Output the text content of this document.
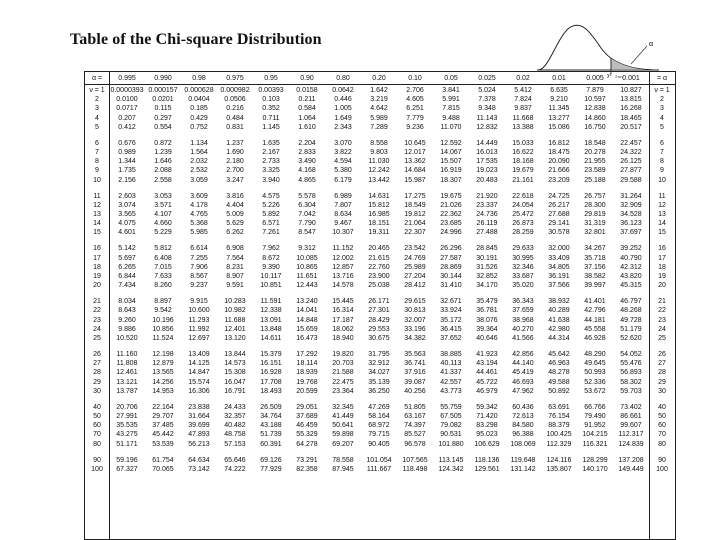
Table of the Chi-square Distribution	α
χ² 1-α,ν
α =	0.995	0.990	0.98	0.975	0.95	0.90	0.80	0.20	0.10	0.05	0.025	0.02	0.01	0.005	0.001	= α
ν = 1 0.0000393 0.000157 0.000628 0.000982	0.00393	0.0158	0.0642	1.642	2.706	3.841	5.024	5.412	6.635	7.879	10.827	ν = 1
2	0.0100	0.0201	0.0404	0.0506	0.103	0.211	0.446	3.219	4.605	5.991	7.378	7.824	9.210	10.597	13.815	2
3	0.0717	0.115	0.185	0.216	0.352	0.584	1.005	4.642	6.251	7.815	9.348	9.837	11.345	12.838	16.268	3
4	0.207	0.297	0.429	0.484	0.711	1.064	1.649	5.989	7.779	9.488	11.143	11.668	13.277	14.860	18.465	4
5	0.412	0.554	0.752	0.831	1.145	1.610	2.343	7.289	9.236	11.070	12.832	13.388	15.086	16.750	20.517	5
6	0.676	0.872	1.134	1.237	1.635	2.204	3.070	8.558	10.645	12.592	14.449	15.033	16.812	18.548	22.457	6
7	0.989	1.239	1.564	1.690	2.167	2.833	3.822	9.803	12.017	14.067	16.013	16.622	18.475	20.278	24.322	7
8	1.344	1.646	2.032	2.180	2.733	3.490	4.594	11.030	13.362	15.507	17.535	18.168	20.090	21.955	26.125	8
9	1.735	2.088	2.532	2.700	3.325	4.168	5.380	12.242	14.684	16.919	19.023	19.679	21.666	23.589	27.877	9
10	2.156	2.558	3.059	3.247	3.940	4.865	6.179	13.442	15.987	18.307	20.483	21.161	23.209	25.188	29.588	10
11	2.603	3.053	3.609	3.816	4.575	5.578	6.989	14.631	17.275	19.675	21.920	22.618	24.725	26.757	31.264	11
12	3.074	3.571	4.178	4.404	5.226	6.304	7.807	15.812	18.549	21.026	23.337	24.054	26.217	28.300	32.909	12
13	3.565	4.107	4.765	5.009	5.892	7.042	8.634	16.985	19.812	22.362	24.736	25.472	27.688	29.819	34.528	13
14	4.075	4.660	5.368	5.629	6.571	7.790	9.467	18.151	21.064	23.685	26.119	26.873	29.141	31.319	36.123	14
15	4.601	5.229	5.985	6.262	7.261	8.547	10.307	19.311	22.307	24.996	27.488	28.259	30.578	32.801	37.697	15
16	5.142	5.812	6.614	6.908	7.962	9.312	11.152	20.465	23.542	26.296	28.845	29.633	32.000	34.267	39.252	16
17	5.697	6.408	7.255	7.564	8.672	10.085	12.002	21.615	24.769	27.587	30.191	30.995	33.409	35.718	40.790	17
18	6.265	7.015	7.906	8.231	9.390	10.865	12.857	22.760	25.989	28.869	31.526	32.346	34.805	37.156	42.312	18
19	6.844	7.633	8.567	8.907	10.117	11.651	13.716	23.900	27.204	30.144	32.852	33.687	36.191	38.582	43.820	19
20	7.434	8.260	9.237	9.591	10.851	12.443	14.578	25.038	28.412	31.410	34.170	35.020	37.566	39.997	45.315	20
21	8.034	8.897	9.915	10.283	11.591	13.240	15.445	26.171	29.615	32.671	35.479	36.343	38.932	41.401	46.797	21
22	8.643	9.542	10.600	10.982	12.338	14.041	16.314	27.301	30.813	33.924	36.781	37.659	40.289	42.796	48.268	22
23	9.260	10.196	11.293	11.688	13.091	14.848	17.187	28.429	32.007	35.172	38.076	38.968	41.638	44.181	49.728	23
24	9.886	10.856	11.992	12.401	13.848	15.659	18.062	29.553	33.196	36.415	39.364	40.270	42.980	45.558	51.179	24
25	10.520	11.524	12.697	13.120	14.611	16.473	18.940	30.675	34.382	37.652	40.646	41.566	44.314	46.928	52.620	25
26	11.160	12.198	13.409	13.844	15.379	17.292	19.820	31.795	35.563	38.885	41.923	42.856	45.642	48.290	54.052	26
27	11.808	12.879	14.125	14.573	16.151	18.114	20.703	32.912	36.741	40.113	43.194	44.140	46.963	49.645	55.476	27
28	12.461	13.565	14.847	15.308	16.928	18.939	21.588	34.027	37.916	41.337	44.461	45.419	48.278	50.993	56.893	28
29	13.121	14.256	15.574	16.047	17.708	19.768	22.475	35.139	39.087	42.557	45.722	46.693	49.588	52.336	58.302	29
30	13.787	14.953	16.306	16.791	18.493	20.599	23.364	36.250	40.256	43.773	46.979	47.962	50.892	53.672	59.703	30
40	20.706	22.164	23.838	24.433	26.509	29.051	32.345	47.269	51.805	55.759	59.342	60.436	63.691	66.766	73.402	40
50	27.991	29.707	31.664	32.357	34.764	37.689	41.449	58.164	63.167	67.505	71.420	72.613	76.154	79.490	86.661	50
60	35.535	37.485	39.699	40.482	43.188	46.459	50.641	68.972	74.397	79.082	83.298	84.580	88.379	91.952	99.607	60
70	43.275	45.442	47.893	48.758	51.739	55.329	59.898	79.715	85.527	90.531	95.023	96.388	100.425	104.215	112.317	70
80	51.171	53.539	56.213	57.153	60.391	64.278	69.207	90.405	96.578	101.880	106.629	108.069	112.329	116.321	124.839	80
90	59.196	61.754	64.634	65.646	69.126	73.291	78.558	101.054	107.565	113.145	118.136	119.648	124.116	128.299	137.208	90
100	67.327	70.065	73.142	74.222	77.929	82.358	87.945	111.667	118.498	124.342	129.561	131.142	135.807	140.170	149.449	100
